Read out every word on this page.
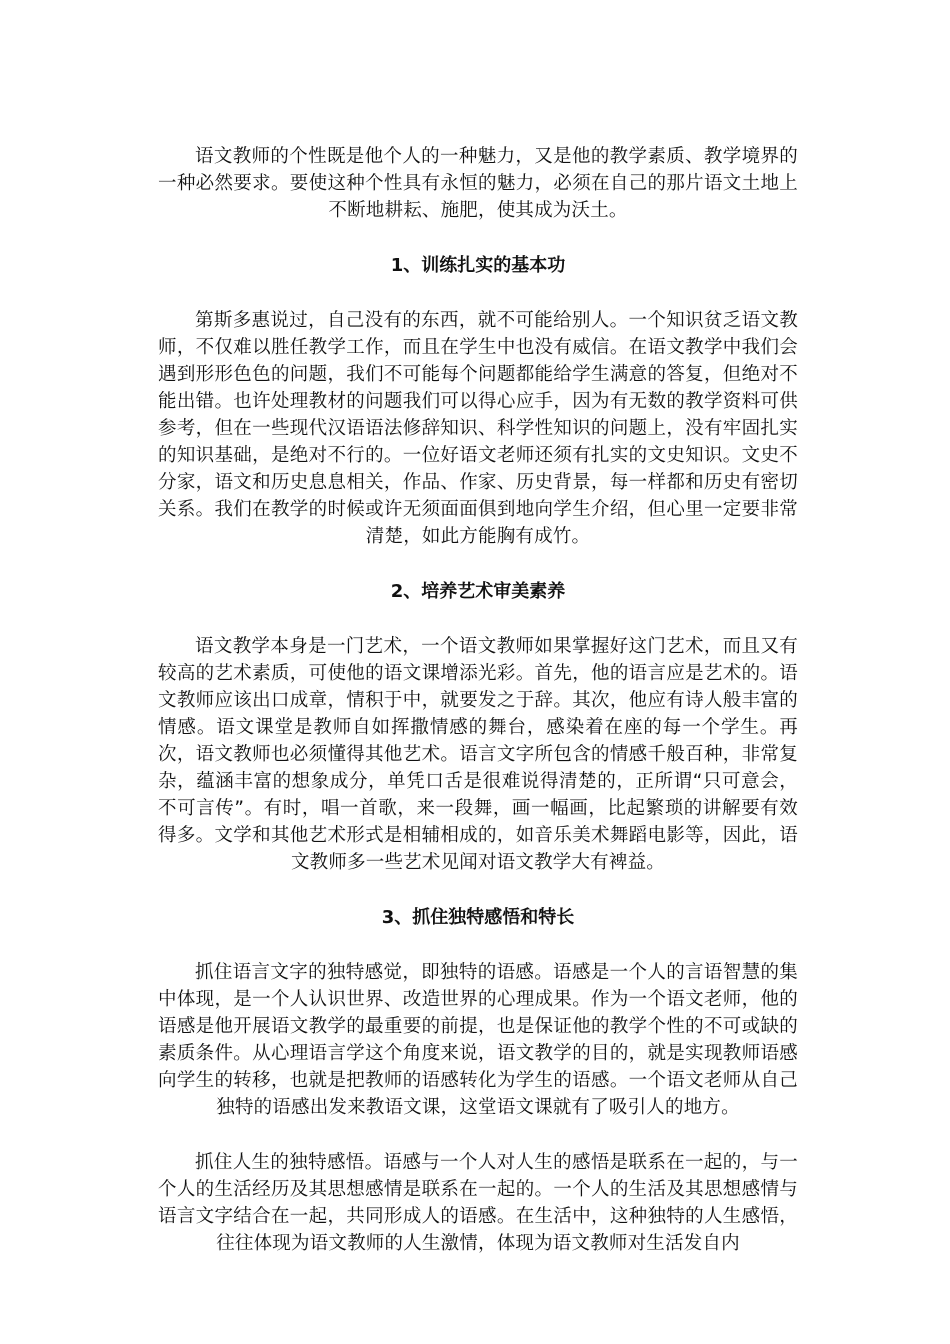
语文教师的个性既是他个人的一种魅力，又是他的教学素质、教学境界的一种必然要求。要使这种个性具有永恒的魅力，必须在自己的那片语文土地上不断地耕耘、施肥，使其成为沃土。

1、训练扎实的基本功

第斯多惠说过，自己没有的东西，就不可能给别人。一个知识贫乏语文教师，不仅难以胜任教学工作，而且在学生中也没有威信。在语文教学中我们会遇到形形色色的问题，我们不可能每个问题都能给学生满意的答复，但绝对不能出错。也许处理教材的问题我们可以得心应手，因为有无数的教学资料可供参考，但在一些现代汉语语法修辞知识、科学性知识的问题上，没有牢固扎实的知识基础，是绝对不行的。一位好语文老师还须有扎实的文史知识。文史不分家，语文和历史息息相关，作品、作家、历史背景，每一样都和历史有密切关系。我们在教学的时候或许无须面面俱到地向学生介绍，但心里一定要非常清楚，如此方能胸有成竹。

2、培养艺术审美素养

语文教学本身是一门艺术，一个语文教师如果掌握好这门艺术，而且又有较高的艺术素质，可使他的语文课增添光彩。首先，他的语言应是艺术的。语文教师应该出口成章，情积于中，就要发之于辞。其次，他应有诗人般丰富的情感。语文课堂是教师自如挥撒情感的舞台，感染着在座的每一个学生。再次，语文教师也必须懂得其他艺术。语言文字所包含的情感千般百种，非常复杂，蕴涵丰富的想象成分，单凭口舌是很难说得清楚的，正所谓“只可意会，不可言传”。有时，唱一首歌，来一段舞，画一幅画，比起繁琐的讲解要有效得多。文学和其他艺术形式是相辅相成的，如音乐美术舞蹈电影等，因此，语文教师多一些艺术见闻对语文教学大有裨益。

3、抓住独特感悟和特长

抓住语言文字的独特感觉，即独特的语感。语感是一个人的言语智慧的集中体现，是一个人认识世界、改造世界的心理成果。作为一个语文老师，他的语感是他开展语文教学的最重要的前提，也是保证他的教学个性的不可或缺的素质条件。从心理语言学这个角度来说，语文教学的目的，就是实现教师语感向学生的转移，也就是把教师的语感转化为学生的语感。一个语文老师从自己独特的语感出发来教语文课，这堂语文课就有了吸引人的地方。

抓住人生的独特感悟。语感与一个人对人生的感悟是联系在一起的，与一个人的生活经历及其思想感情是联系在一起的。一个人的生活及其思想感情与语言文字结合在一起，共同形成人的语感。在生活中，这种独特的人生感悟，往往体现为语文教师的人生激情，体现为语文教师对生活发自内
